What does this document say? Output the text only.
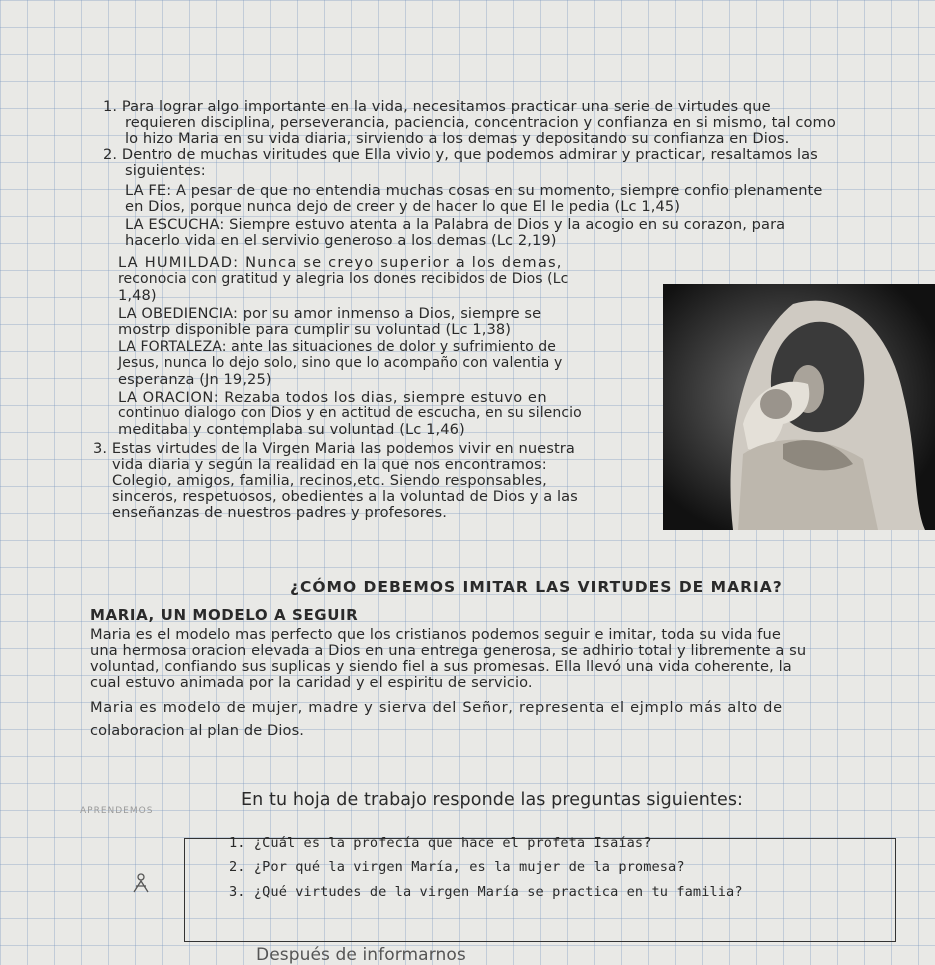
1. Para lograr algo importante en la vida, necesitamos practicar una serie de virtudes que
requieren disciplina, perseverancia, paciencia, concentracion y confianza en si mismo, tal como
lo hizo Maria en su vida diaria, sirviendo a los demas y depositando su confianza en Dios.
2. Dentro de muchas viritudes que Ella vivio y, que podemos admirar y practicar, resaltamos las
siguientes:
LA FE: A pesar de que no entendia muchas cosas en su momento, siempre confio plenamente
en Dios, porque nunca dejo de creer y de hacer lo que El le pedia (Lc 1,45)
LA ESCUCHA: Siempre estuvo atenta a la Palabra de Dios y la acogio en su corazon, para
hacerlo vida en el servivio generoso a los demas (Lc 2,19)
LA HUMILDAD: Nunca se creyo superior a los demas,
reconocia con gratitud y alegria los dones recibidos de Dios (Lc
1,48)
LA OBEDIENCIA: por su amor inmenso a Dios, siempre se
mostrp disponible para cumplir su voluntad (Lc 1,38)
LA FORTALEZA: ante las situaciones de dolor y sufrimiento de
Jesus, nunca lo dejo solo, sino que lo acompaño con valentia y
esperanza (Jn 19,25)
LA ORACION: Rezaba todos los dias, siempre estuvo en
continuo dialogo con Dios y en actitud de escucha, en su silencio
meditaba y contemplaba su voluntad (Lc 1,46)
3. Estas virtudes de la Virgen Maria las podemos vivir en nuestra
vida diaria y según la realidad en la que nos encontramos:
Colegio, amigos, familia, recinos,etc. Siendo responsables,
sinceros, respetuosos, obedientes a la voluntad de Dios y a las
enseñanzas de nuestros padres y profesores.
¿CÓMO DEBEMOS IMITAR LAS VIRTUDES DE MARIA?
MARIA, UN MODELO A SEGUIR
Maria es el modelo mas perfecto que los cristianos podemos seguir e imitar, toda su vida fue
una hermosa oracion elevada a Dios en una entrega generosa, se adhirio total y libremente a su
voluntad, confiando sus suplicas y siendo fiel a sus promesas. Ella llevó una vida coherente, la
cual estuvo animada por la caridad y el espiritu de servicio.
Maria es modelo de mujer, madre y sierva del Señor, representa el ejmplo más alto de
colaboracion al plan de Dios.
APRENDEMOS
En tu hoja de trabajo responde las preguntas siguientes:
1. ¿Cuál es la profecía que hace el profeta Isaías?
2. ¿Por qué la virgen María, es la mujer de la promesa?
3. ¿Qué virtudes de la virgen María se practica en tu familia?
Después de informarnos
